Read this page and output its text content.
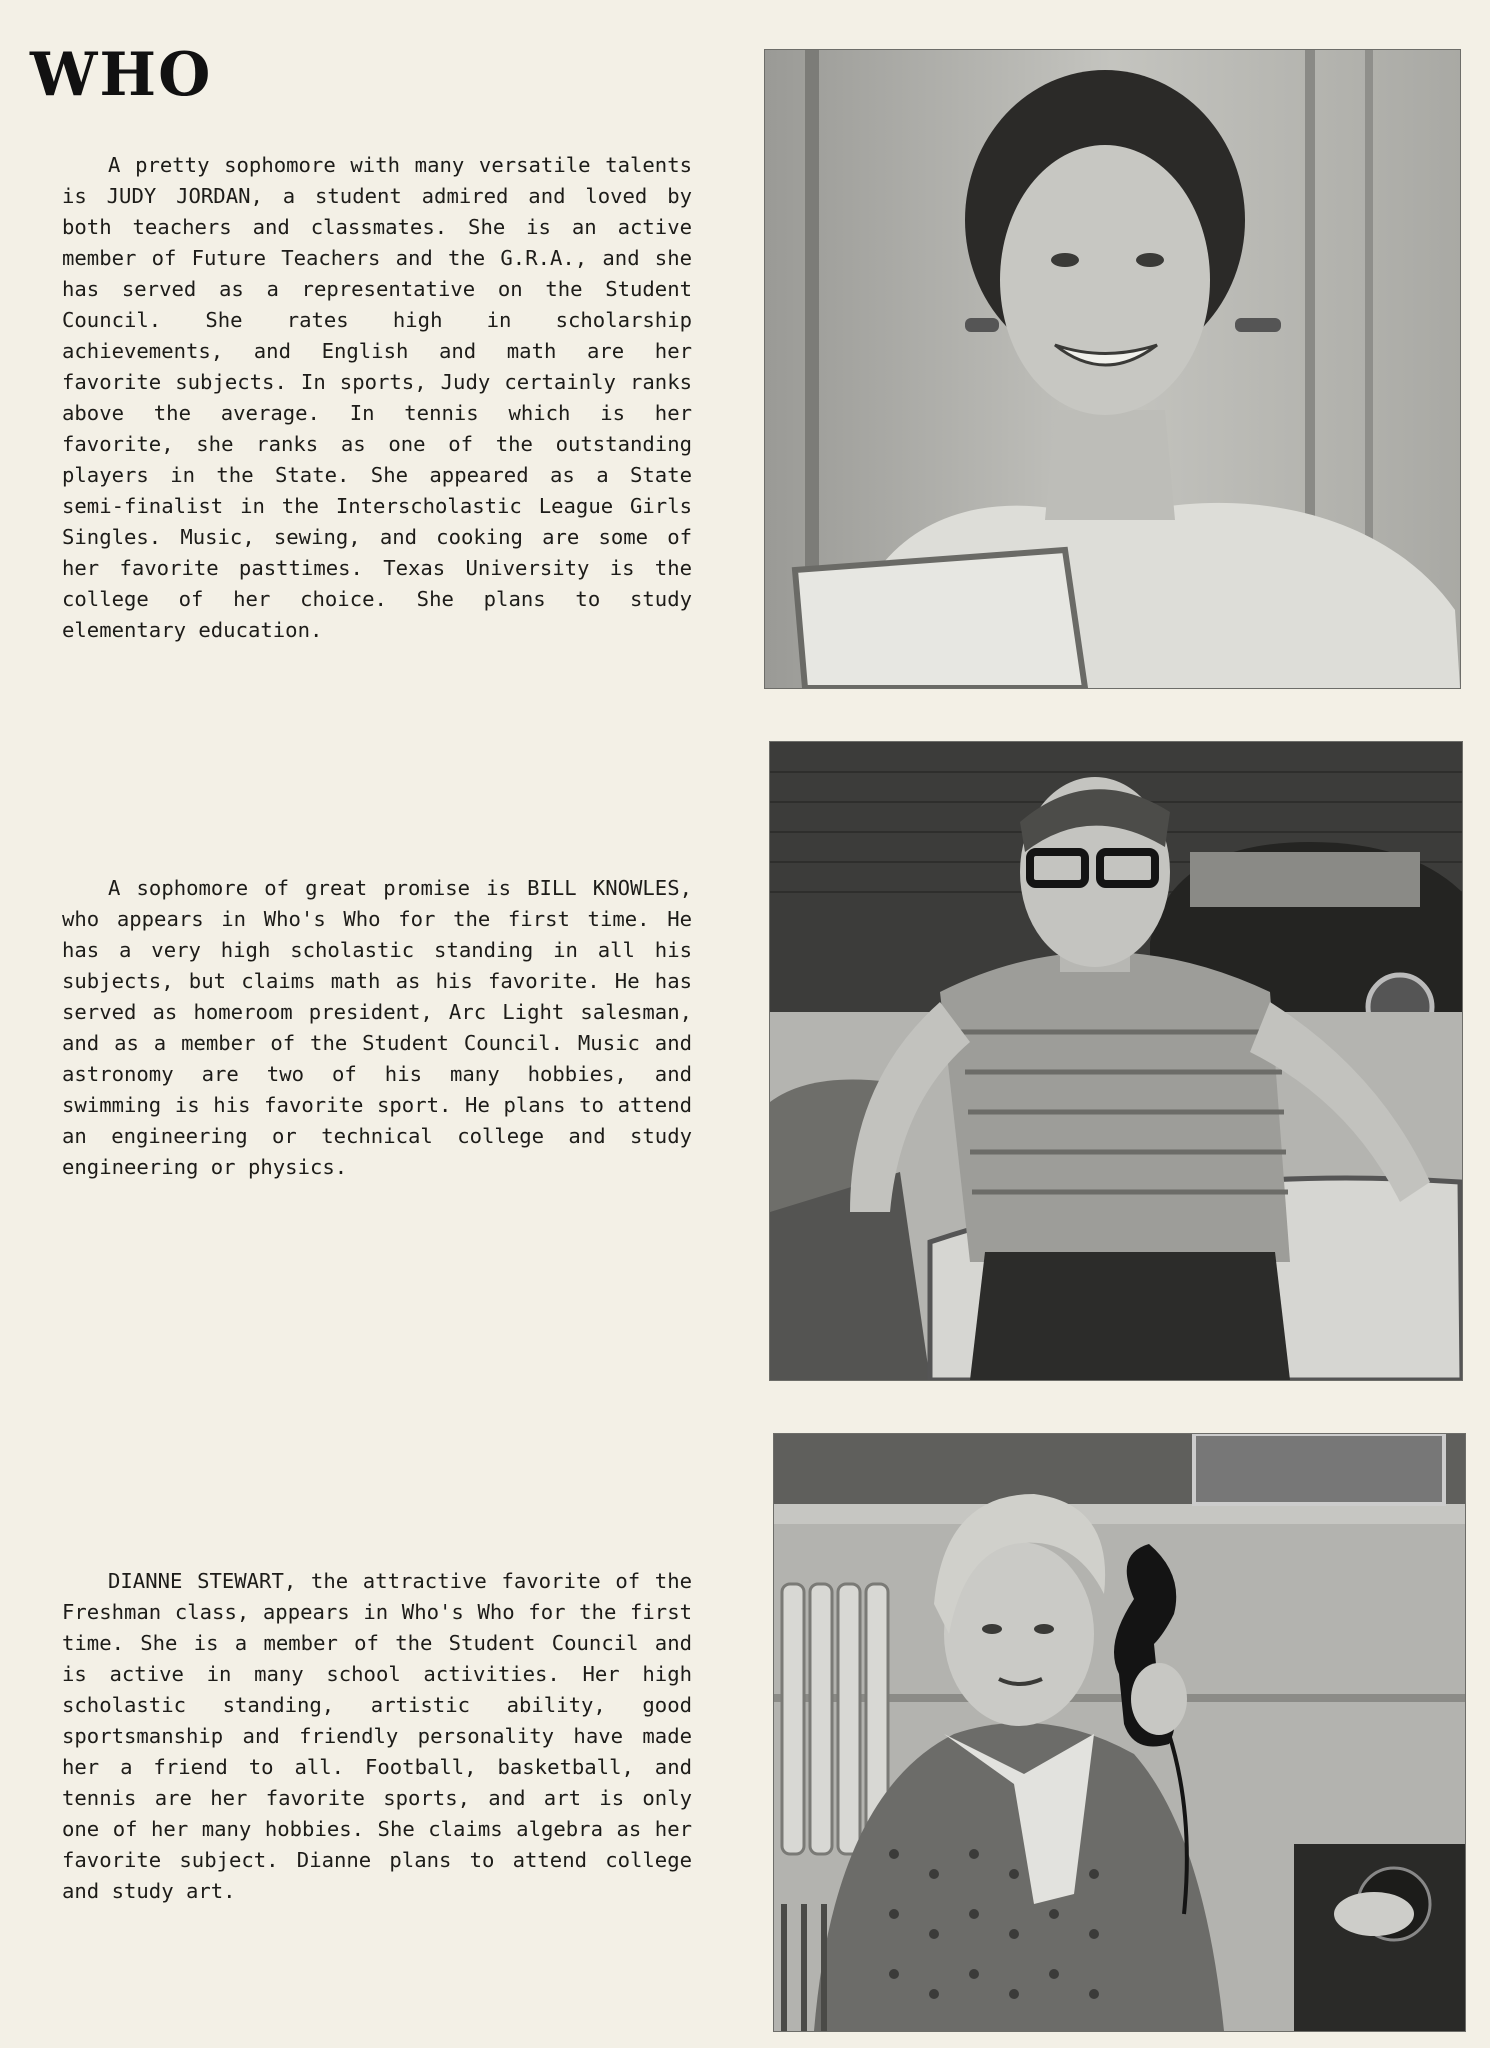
WHO

A pretty sophomore with many versatile talents is JUDY JORDAN, a student admired and loved by both teachers and classmates. She is an active member of Future Teachers and the G.R.A., and she has served as a representative on the Student Council. She rates high in scholarship achievements, and English and math are her favorite subjects. In sports, Judy certainly ranks above the average. In tennis which is her favorite, she ranks as one of the outstanding players in the State. She appeared as a State semi-finalist in the Interscholastic League Girls Singles. Music, sewing, and cooking are some of her favorite pasttimes. Texas University is the college of her choice. She plans to study elementary education.

A sophomore of great promise is BILL KNOWLES, who appears in Who's Who for the first time. He has a very high scholastic standing in all his subjects, but claims math as his favorite. He has served as homeroom president, Arc Light salesman, and as a member of the Student Council. Music and astronomy are two of his many hobbies, and swimming is his favorite sport. He plans to attend an engineering or technical college and study engineering or physics.

DIANNE STEWART, the attractive favorite of the Freshman class, appears in Who's Who for the first time. She is a member of the Student Council and is active in many school activities. Her high scholastic standing, artistic ability, good sportsmanship and friendly personality have made her a friend to all. Football, basketball, and tennis are her favorite sports, and art is only one of her many hobbies. She claims algebra as her favorite subject. Dianne plans to attend college and study art.
